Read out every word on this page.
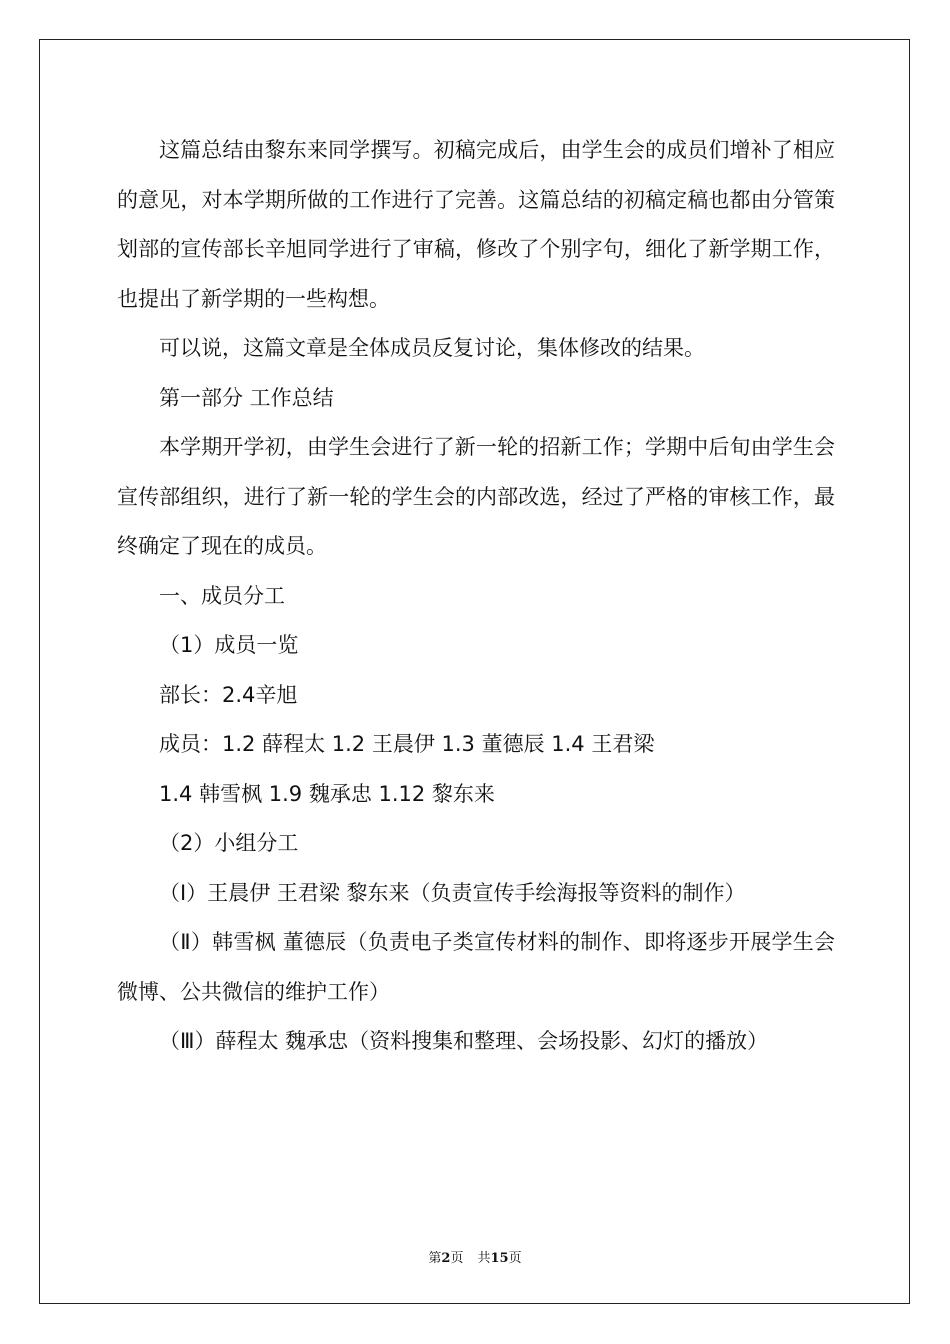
这篇总结由黎东来同学撰写。初稿完成后，由学生会的成员们增补了相应的意见，对本学期所做的工作进行了完善。这篇总结的初稿定稿也都由分管策划部的宣传部长辛旭同学进行了审稿，修改了个别字句，细化了新学期工作，也提出了新学期的一些构想。

可以说，这篇文章是全体成员反复讨论，集体修改的结果。

第一部分 工作总结

本学期开学初，由学生会进行了新一轮的招新工作；学期中后旬由学生会宣传部组织，进行了新一轮的学生会的内部改选，经过了严格的审核工作，最终确定了现在的成员。

一、成员分工

（1）成员一览

部长：2.4辛旭

成员：1.2 薛程太 1.2 王晨伊 1.3 董德辰 1.4 王君梁

1.4 韩雪枫 1.9 魏承忠 1.12 黎东来

（2）小组分工

（Ⅰ）王晨伊 王君梁 黎东来（负责宣传手绘海报等资料的制作）

（Ⅱ）韩雪枫 董德辰（负责电子类宣传材料的制作、即将逐步开展学生会微博、公共微信的维护工作）

（Ⅲ）薛程太 魏承忠（资料搜集和整理、会场投影、幻灯的播放）

第2页 共15页
